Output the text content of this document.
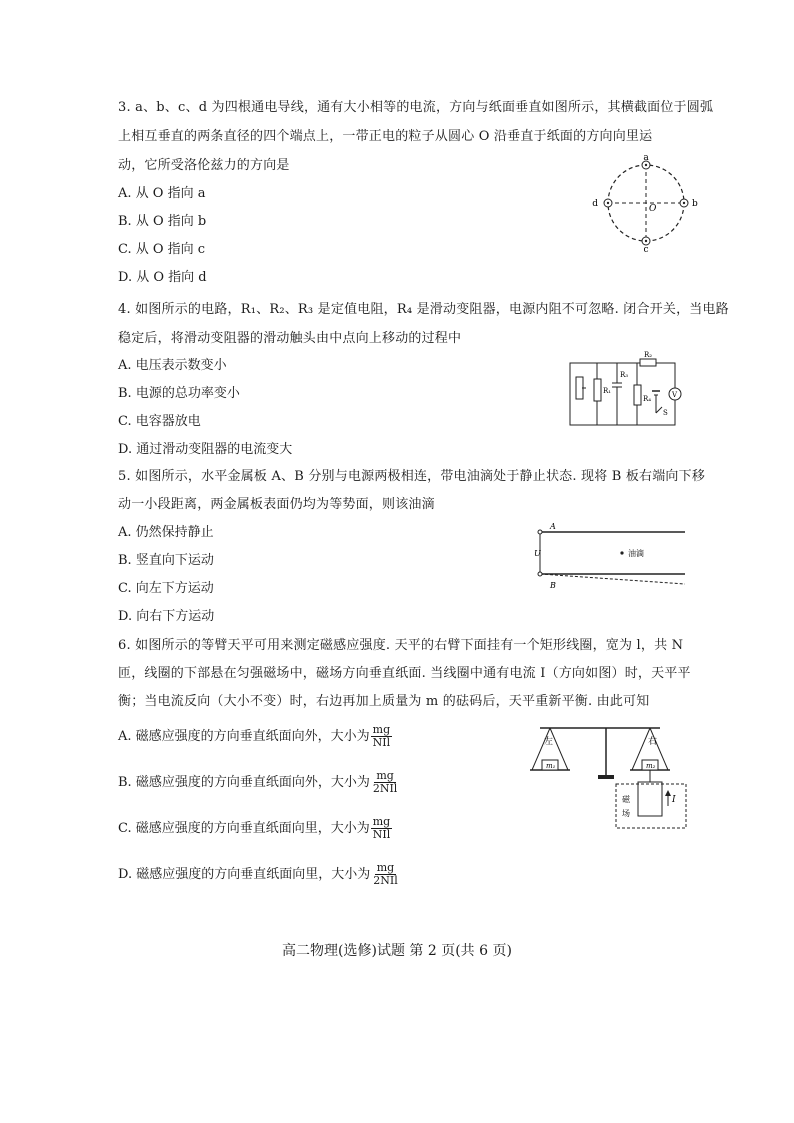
3. a、b、c、d 为四根通电导线，通有大小相等的电流，方向与纸面垂直如图所示，其横截面位于圆弧
上相互垂直的两条直径的四个端点上，一带正电的粒子从圆心 O 沿垂直于纸面的方向向里运
动，它所受洛伦兹力的方向是
A. 从 O 指向 a
B. 从 O 指向 b
C. 从 O 指向 c
D. 从 O 指向 d
a
b
c
d	O
4. 如图所示的电路，R₁、R₂、R₃ 是定值电阻，R₄ 是滑动变阻器，电源内阻不可忽略. 闭合开关，当电路
稳定后，将滑动变阻器的滑动触头由中点向上移动的过程中
A. 电压表示数变小
B. 电源的总功率变小
C. 电容器放电
D. 通过滑动变阻器的电流变大
R₁
R₃
R₂
R₄
S
V
5. 如图所示，水平金属板 A、B 分别与电源两极相连，带电油滴处于静止状态. 现将 B 板右端向下移
动一小段距离，两金属板表面仍均为等势面，则该油滴
A. 仍然保持静止
B. 竖直向下运动
C. 向左下方运动
D. 向右下方运动
A
B
U	油滴
6. 如图所示的等臂天平可用来测定磁感应强度. 天平的右臂下面挂有一个矩形线圈，宽为 l，共 N
匝，线圈的下部悬在匀强磁场中，磁场方向垂直纸面. 当线圈中通有电流 I（方向如图）时，天平平
衡；当电流反向（大小不变）时，右边再加上质量为 m 的砝码后，天平重新平衡. 由此可知
A. 磁感应强度的方向垂直纸面向外，大小为 $\frac{mg}{\text{NIl}}$
B. 磁感应强度的方向垂直纸面向外，大小为 $\frac{mg}{\text{2NIl}}$
C. 磁感应强度的方向垂直纸面向里，大小为 $\frac{mg}{\text{NIl}}$
D. 磁感应强度的方向垂直纸面向里，大小为 $\frac{mg}{\text{2NIl}}$
m₁
左
m₂
右
I
磁
场
高二物理(选修)试题 第 2 页(共 6 页)
